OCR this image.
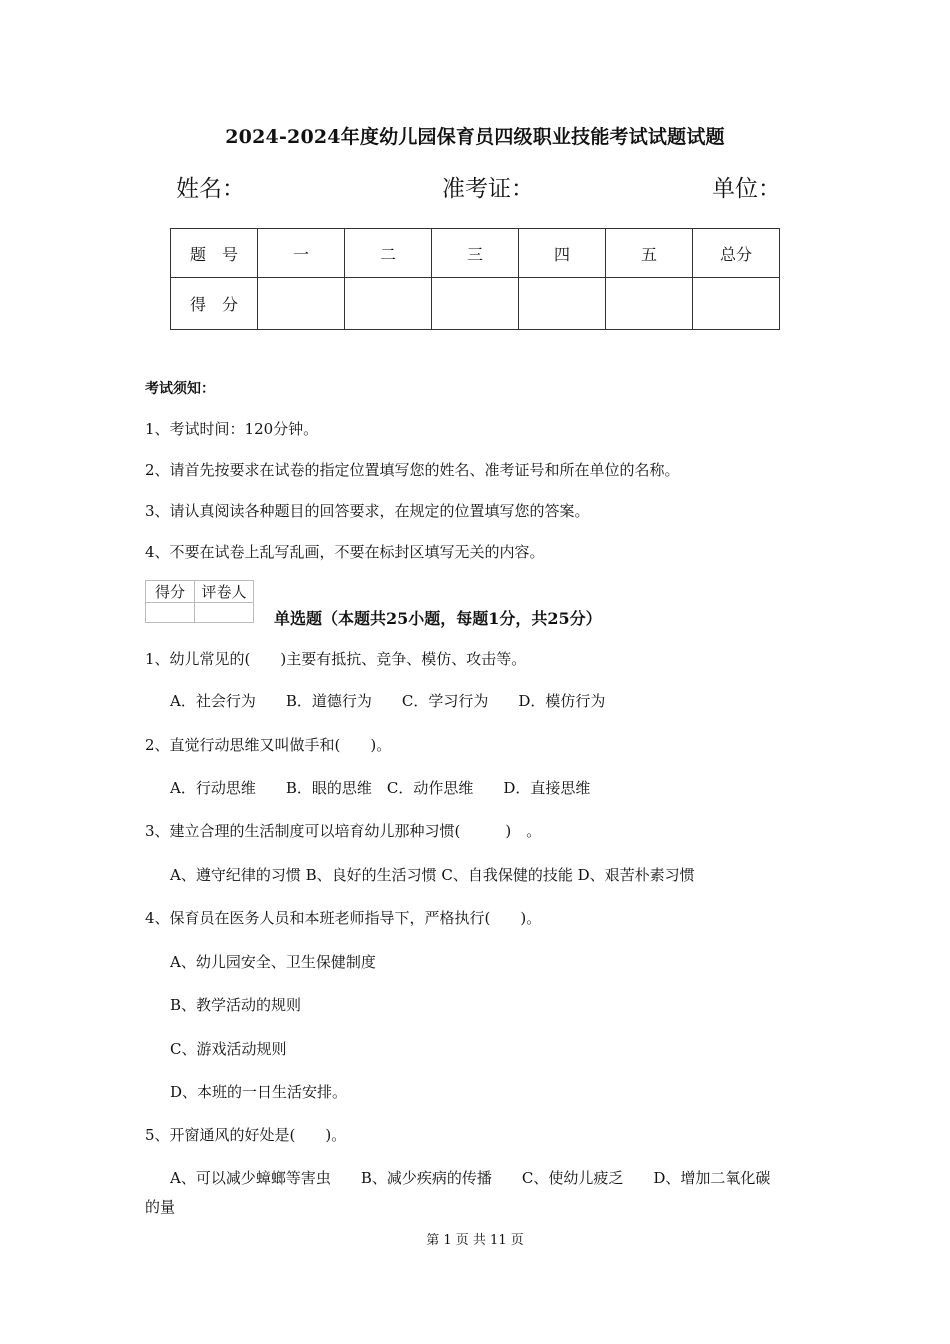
2024-2024年度幼儿园保育员四级职业技能考试试题试题
姓名：	准考证：	单位：
题　号	一	二	三	四	五	总分
得　分						
考试须知：
1、考试时间：120分钟。
2、请首先按要求在试卷的指定位置填写您的姓名、准考证号和所在单位的名称。
3、请认真阅读各种题目的回答要求，在规定的位置填写您的答案。
4、不要在试卷上乱写乱画，不要在标封区填写无关的内容。
得分	评卷人

单选题（本题共25小题，每题1分，共25分）
1、幼儿常见的(　　)主要有抵抗、竞争、模仿、攻击等。
A．社会行为　　B．道德行为　　C．学习行为　　D．模仿行为
2、直觉行动思维又叫做手和(　　)。
A．行动思维　　B．眼的思维　C．动作思维　　D．直接思维
3、建立合理的生活制度可以培育幼儿那种习惯(　　　)　。
A、遵守纪律的习惯 B、良好的生活习惯 C、自我保健的技能 D、艰苦朴素习惯
4、保育员在医务人员和本班老师指导下，严格执行(　　)。
A、幼儿园安全、卫生保健制度
B、教学活动的规则
C、游戏活动规则
D、本班的一日生活安排。
5、开窗通风的好处是(　　)。
A、可以减少蟑螂等害虫　　B、减少疾病的传播　　C、使幼儿疲乏　　D、增加二氧化碳
的量
第 1 页 共 11 页
